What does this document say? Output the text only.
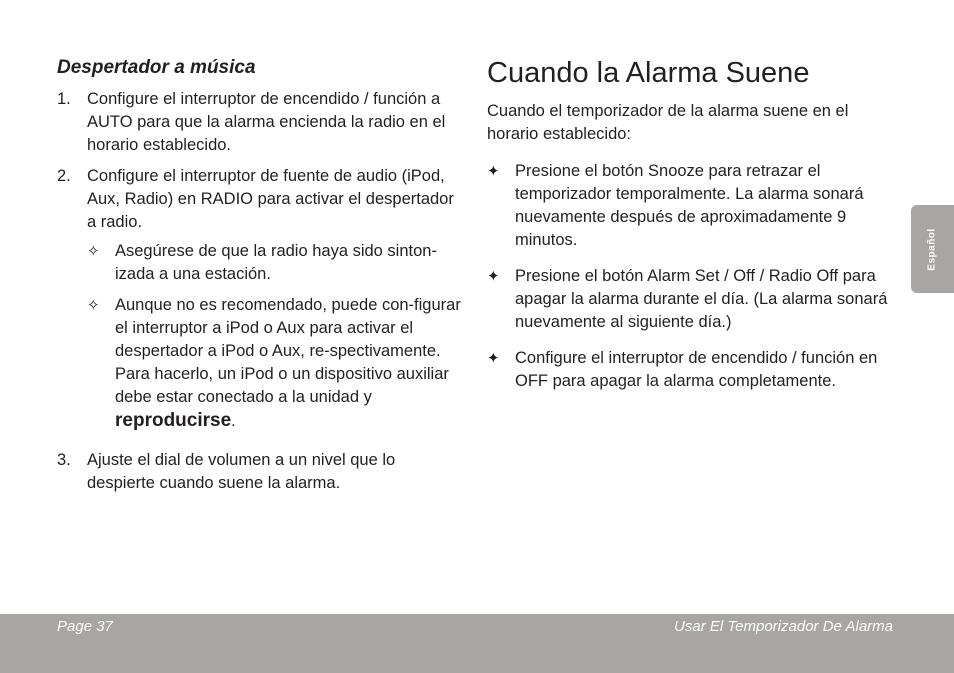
Despertador a música
1. Configure el interruptor de encendido / función a AUTO para que la alarma encienda la radio en el horario establecido.
2. Configure el interruptor de fuente de audio (iPod, Aux, Radio) en RADIO para activar el despertador a radio.
✧ Asegúrese de que la radio haya sido sinton-izada a una estación.
✧ Aunque no es recomendado, puede con-figurar el interruptor a iPod o Aux para activar el despertador a iPod o Aux, re-spectivamente. Para hacerlo, un iPod o un dispositivo auxiliar debe estar conectado a la unidad y reproducirse.
3. Ajuste el dial de volumen a un nivel que lo despierte cuando suene la alarma.
Cuando la Alarma Suene
Cuando el temporizador de la alarma suene en el horario establecido:
✦ Presione el botón Snooze para retrazar el temporizador temporalmente. La alarma sonará nuevamente después de aproximadamente 9 minutos.
✦ Presione el botón Alarm Set / Off / Radio Off para apagar la alarma durante el día. (La alarma sonará nuevamente al siguiente día.)
✦ Configure el interruptor de encendido / función en OFF para apagar la alarma completamente.
Español
Page 37	Usar El Temporizador De Alarma
